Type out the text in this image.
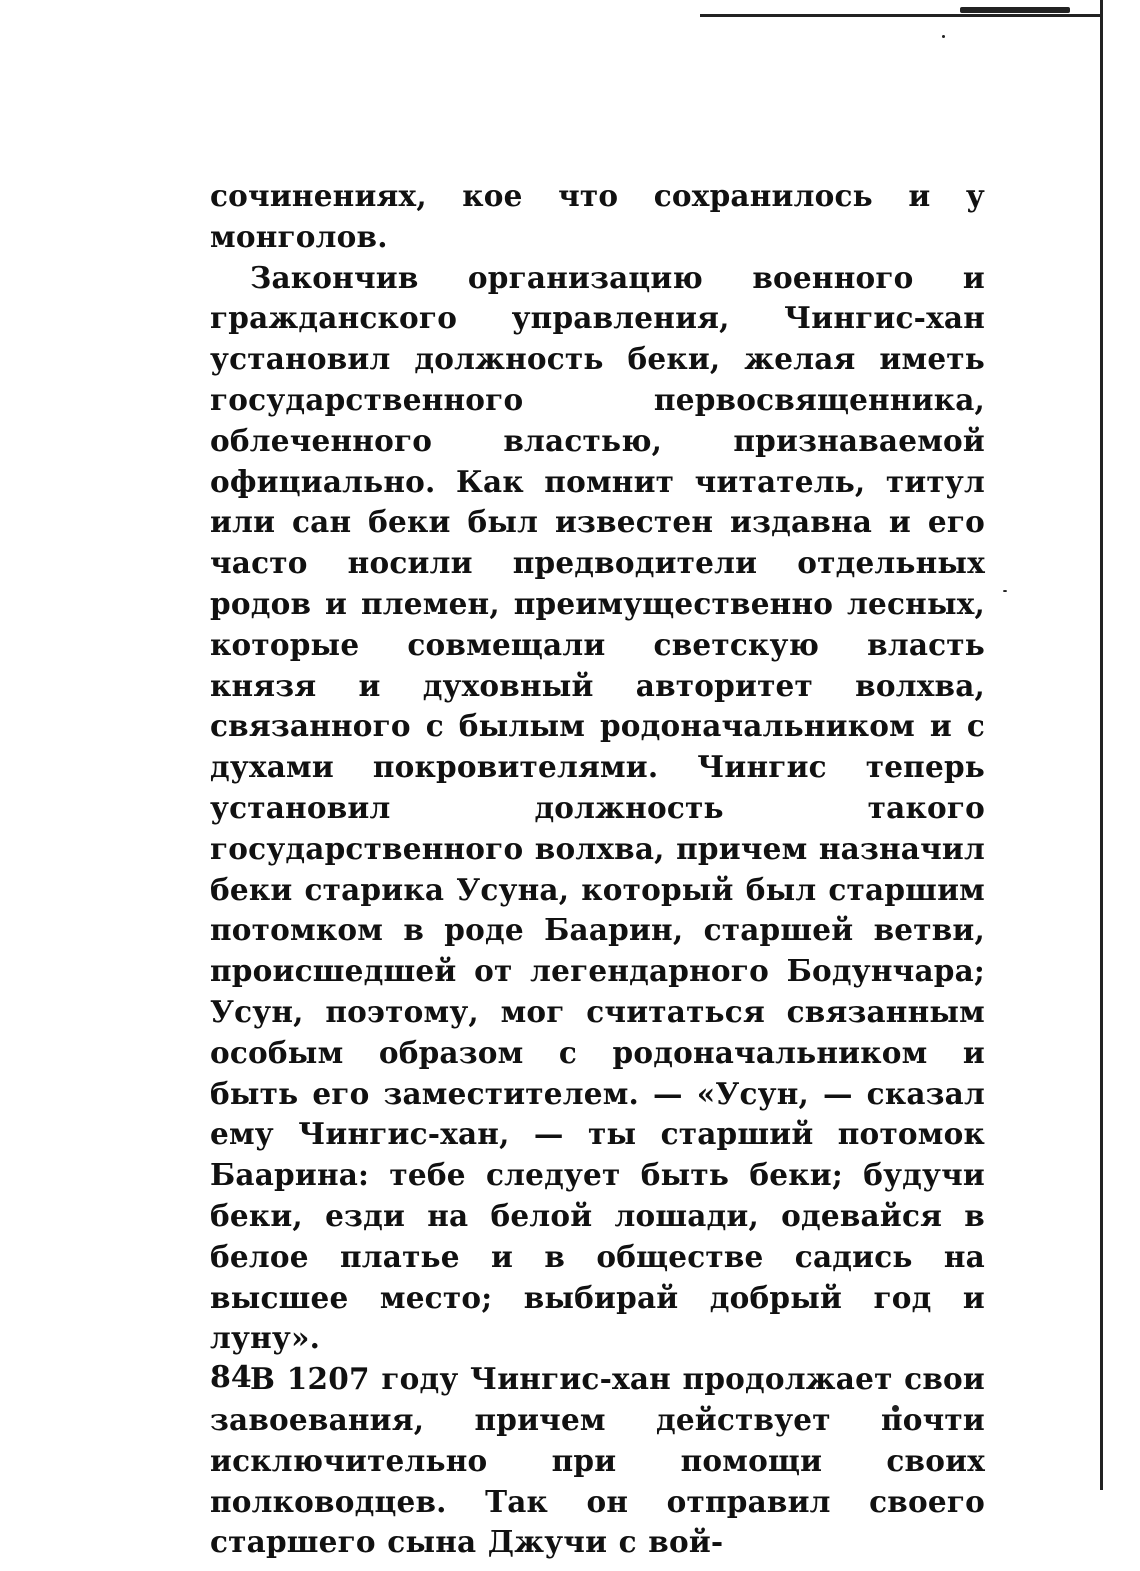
сочинениях, кое что сохранилось и у монголов.

Закончив организацию военного и гражданского управления, Чингис-хан установил должность беки, желая иметь государственного первосвященника, облеченного властью, признаваемой официально. Как помнит читатель, титул или сан беки был известен издавна и его часто носили предводители отдельных родов и племен, преимущественно лесных, которые совмещали светскую власть князя и духовный авторитет волхва, связанного с былым родоначальником и с духами покровителями. Чингис теперь установил должность такого государственного волхва, причем назначил беки старика Усуна, который был старшим потомком в роде Баарин, старшей ветви, происшедшей от легендарного Бодунчара; Усун, поэтому, мог считаться связанным особым образом с родоначальником и быть его заместителем. — «Усун, — сказал ему Чингис-хан, — ты старший потомок Баарина: тебе следует быть беки; будучи беки, езди на белой лошади, одевайся в белое платье и в обществе садись на высшее место; выбирай добрый год и луну».

В 1207 году Чингис-хан продолжает свои завоевания, причем действует почти исключительно при помощи своих полководцев. Так он отправил своего старшего сына Джучи с вой-

84
